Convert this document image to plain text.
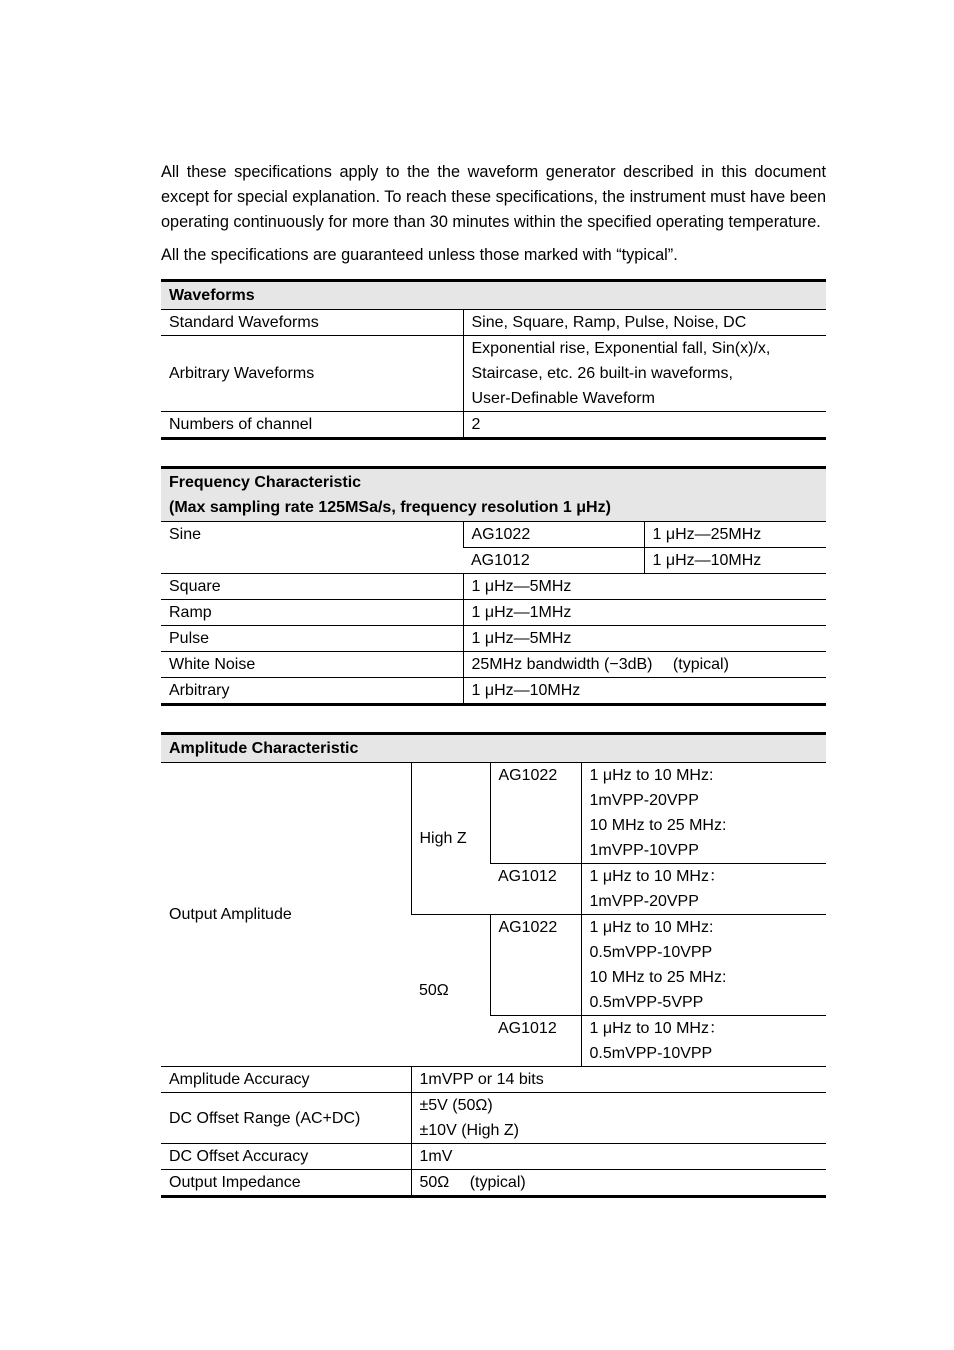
All these specifications apply to the the waveform generator described in this document except for special explanation. To reach these specifications, the instrument must have been operating continuously for more than 30 minutes within the specified operating temperature.

All the specifications are guaranteed unless those marked with “typical”.

Waveforms	
Standard Waveforms	Sine, Square, Ramp, Pulse, Noise, DC
Arbitrary Waveforms	Exponential rise, Exponential fall, Sin(x)/x,
Staircase, etc. 26 built-in waveforms,
User-Definable Waveform

Numbers of channel	2
Frequency Characteristic
(Max sampling rate 125MSa/s, frequency resolution 1 μHz)		

Sine	AG1022	1 μHz—25MHz
	AG1012	1 μHz—10MHz
Square	1 μHz—5MHz	
Ramp	1 μHz—1MHz	
Pulse	1 μHz—5MHz	
White Noise	25MHz bandwidth (−3dB)  (typical)	
Arbitrary	1 μHz—10MHz	
Amplitude Characteristic			
Output Amplitude	High Z	AG1022	1 μHz to 10 MHz:
1mVPP-20VPP
10 MHz to 25 MHz:
1mVPP-10VPP

		AG1012	1 μHz to 10 MHz：
1mVPP-20VPP

	50Ω	AG1022	1 μHz to 10 MHz:
0.5mVPP-10VPP
10 MHz to 25 MHz:
0.5mVPP-5VPP

		AG1012	1 μHz to 10 MHz：
0.5mVPP-10VPP

Amplitude Accuracy	1mVPP or 14 bits		
DC Offset Range (AC+DC)	±5V (50Ω)
±10V (High Z)		

DC Offset Accuracy	1mV		
Output Impedance	50Ω  (typical)		
